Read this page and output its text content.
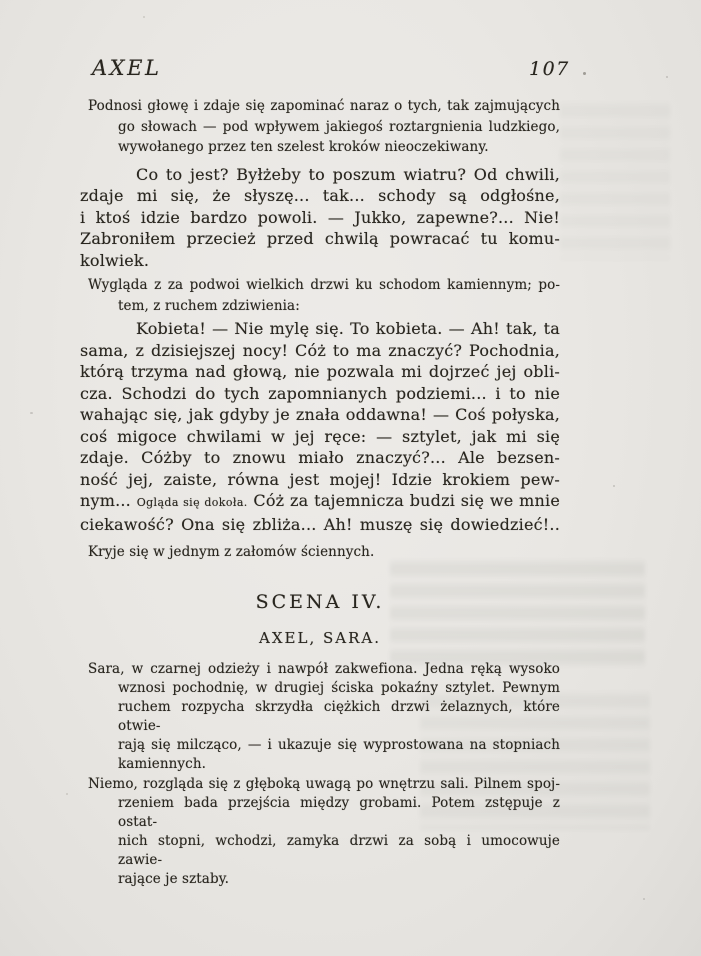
AXEL	107
Podnosi głowę i zdaje się zapominać naraz o tych, tak zajmujących
go słowach — pod wpływem jakiegoś roztargnienia ludzkiego,
wywołanego przez ten szelest kroków nieoczekiwany.
Co to jest? Byłżeby to poszum wiatru? Od chwili,
zdaje mi się, że słyszę... tak... schody są odgłośne,
i ktoś idzie bardzo powoli. — Jukko, zapewne?... Nie!
Zabroniłem przecież przed chwilą powracać tu komu-
kolwiek.
Wygląda z za podwoi wielkich drzwi ku schodom kamiennym; po-
tem, z ruchem zdziwienia:
Kobieta! — Nie mylę się. To kobieta. — Ah! tak, ta
sama, z dzisiejszej nocy! Cóż to ma znaczyć? Pochodnia,
którą trzyma nad głową, nie pozwala mi dojrzeć jej obli-
cza. Schodzi do tych zapomnianych podziemi... i to nie
wahając się, jak gdyby je znała oddawna! — Coś połyska,
coś migoce chwilami w jej ręce: — sztylet, jak mi się
zdaje. Cóżby to znowu miało znaczyć?... Ale bezsen-
ność jej, zaiste, równa jest mojej! Idzie krokiem pew-
nym... Ogląda się dokoła. Cóż za tajemnicza budzi się we mnie
ciekawość? Ona się zbliża... Ah! muszę się dowiedzieć!..
Kryje się w jednym z załomów ściennych.
SCENA IV.
AXEL, SARA.
Sara, w czarnej odzieży i nawpół zakwefiona. Jedna ręką wysoko
wznosi pochodnię, w drugiej ściska pokaźny sztylet. Pewnym
ruchem rozpycha skrzydła ciężkich drzwi żelaznych, które otwie-
rają się milcząco, — i ukazuje się wyprostowana na stopniach
kamiennych.
Niemo, rozgląda się z głęboką uwagą po wnętrzu sali. Pilnem spoj-
rzeniem bada przejścia między grobami. Potem zstępuje z ostat-
nich stopni, wchodzi, zamyka drzwi za sobą i umocowuje zawie-
rające je sztaby.
